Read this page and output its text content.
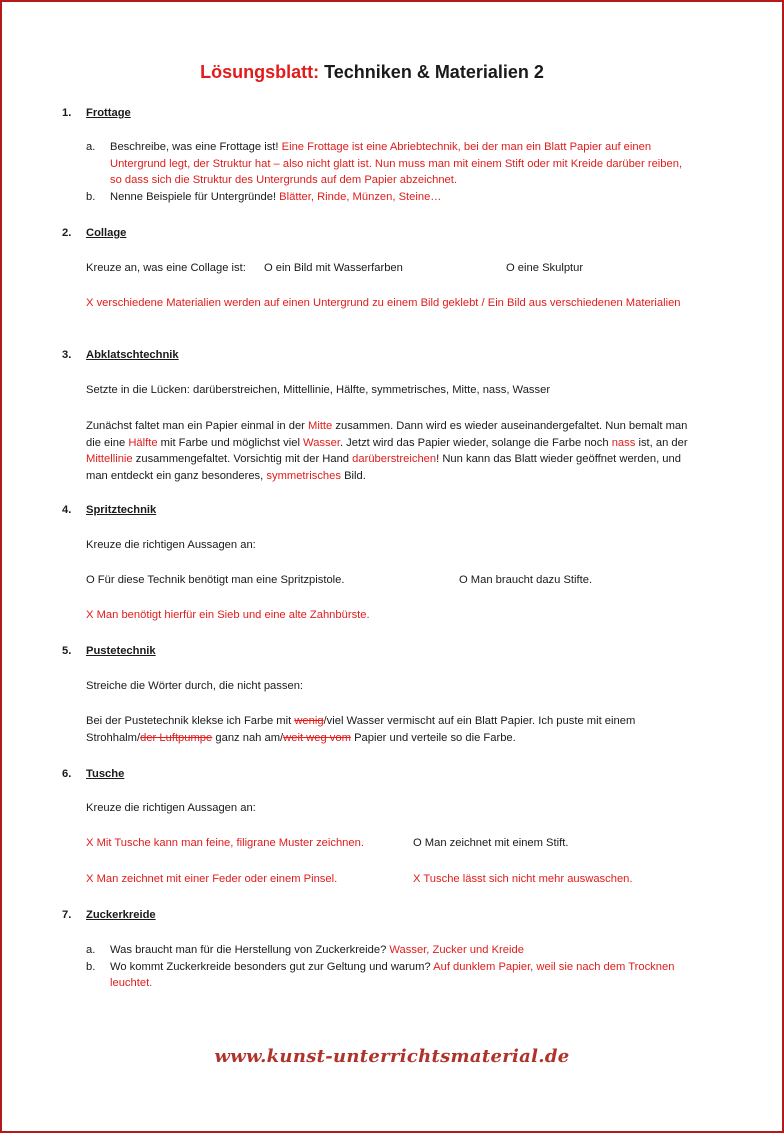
Lösungsblatt: Techniken & Materialien 2
1. Frottage
a. Beschreibe, was eine Frottage ist! Eine Frottage ist eine Abriebtechnik, bei der man ein Blatt Papier auf einen Untergrund legt, der Struktur hat – also nicht glatt ist. Nun muss man mit einem Stift oder mit Kreide darüber reiben, so dass sich die Struktur des Untergrunds auf dem Papier abzeichnet.
b. Nenne Beispiele für Untergründe! Blätter, Rinde, Münzen, Steine…
2. Collage
Kreuze an, was eine Collage ist: O ein Bild mit Wasserfarben	O eine Skulptur
X verschiedene Materialien werden auf einen Untergrund zu einem Bild geklebt / Ein Bild aus verschiedenen Materialien
3. Abklatschtechnik
Setzte in die Lücken: darüberstreichen, Mittellinie, Hälfte, symmetrisches, Mitte, nass, Wasser
Zunächst faltet man ein Papier einmal in der Mitte zusammen. Dann wird es wieder auseinandergefaltet. Nun bemalt man die eine Hälfte mit Farbe und möglichst viel Wasser. Jetzt wird das Papier wieder, solange die Farbe noch nass ist, an der Mittellinie zusammengefaltet. Vorsichtig mit der Hand darüberstreichen! Nun kann das Blatt wieder geöffnet werden, und man entdeckt ein ganz besonderes, symmetrisches Bild.
4. Spritztechnik
Kreuze die richtigen Aussagen an:
O Für diese Technik benötigt man eine Spritzpistole.	O Man braucht dazu Stifte.
X Man benötigt hierfür ein Sieb und eine alte Zahnbürste.
5. Pustetechnik
Streiche die Wörter durch, die nicht passen:
Bei der Pustetechnik klekse ich Farbe mit wenig/viel Wasser vermischt auf ein Blatt Papier. Ich puste mit einem Strohhalm/der Luftpumpe ganz nah am/weit weg vom Papier und verteile so die Farbe.
6. Tusche
Kreuze die richtigen Aussagen an:
X Mit Tusche kann man feine, filigrane Muster zeichnen.	O Man zeichnet mit einem Stift.
X Man zeichnet mit einer Feder oder einem Pinsel.	X Tusche lässt sich nicht mehr auswaschen.
7. Zuckerkreide
a. Was braucht man für die Herstellung von Zuckerkreide? Wasser, Zucker und Kreide
b. Wo kommt Zuckerkreide besonders gut zur Geltung und warum? Auf dunklem Papier, weil sie nach dem Trocknen leuchtet.
www.kunst-unterrichtsmaterial.de
